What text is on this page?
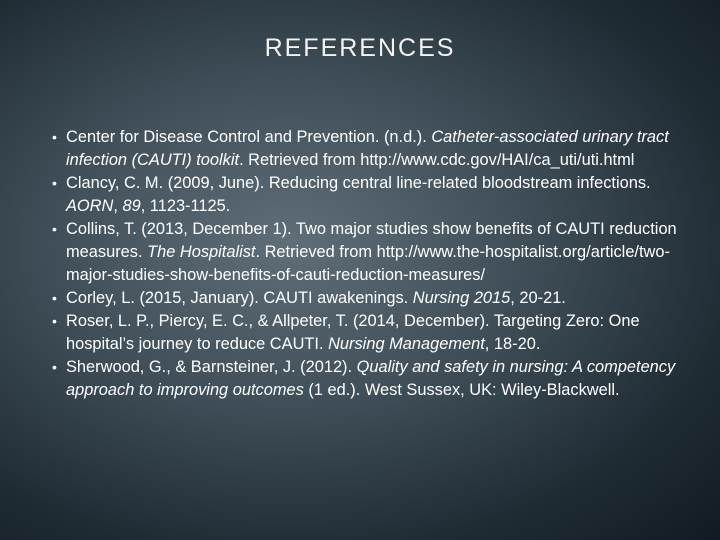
REFERENCES
• Center for Disease Control and Prevention. (n.d.). Catheter-associated urinary tract infection (CAUTI) toolkit. Retrieved from http://www.cdc.gov/HAI/ca_uti/uti.html
• Clancy, C. M. (2009, June). Reducing central line-related bloodstream infections. AORN, 89, 1123-1125.
• Collins, T. (2013, December 1). Two major studies show benefits of CAUTI reduction measures. The Hospitalist. Retrieved from http://www.the-hospitalist.org/article/two-major-studies-show-benefits-of-cauti-reduction-measures/
• Corley, L. (2015, January). CAUTI awakenings. Nursing 2015, 20-21.
• Roser, L. P., Piercy, E. C., & Allpeter, T. (2014, December). Targeting Zero: One hospital’s journey to reduce CAUTI. Nursing Management, 18-20.
• Sherwood, G., & Barnsteiner, J. (2012). Quality and safety in nursing: A competency approach to improving outcomes (1 ed.). West Sussex, UK: Wiley-Blackwell.
